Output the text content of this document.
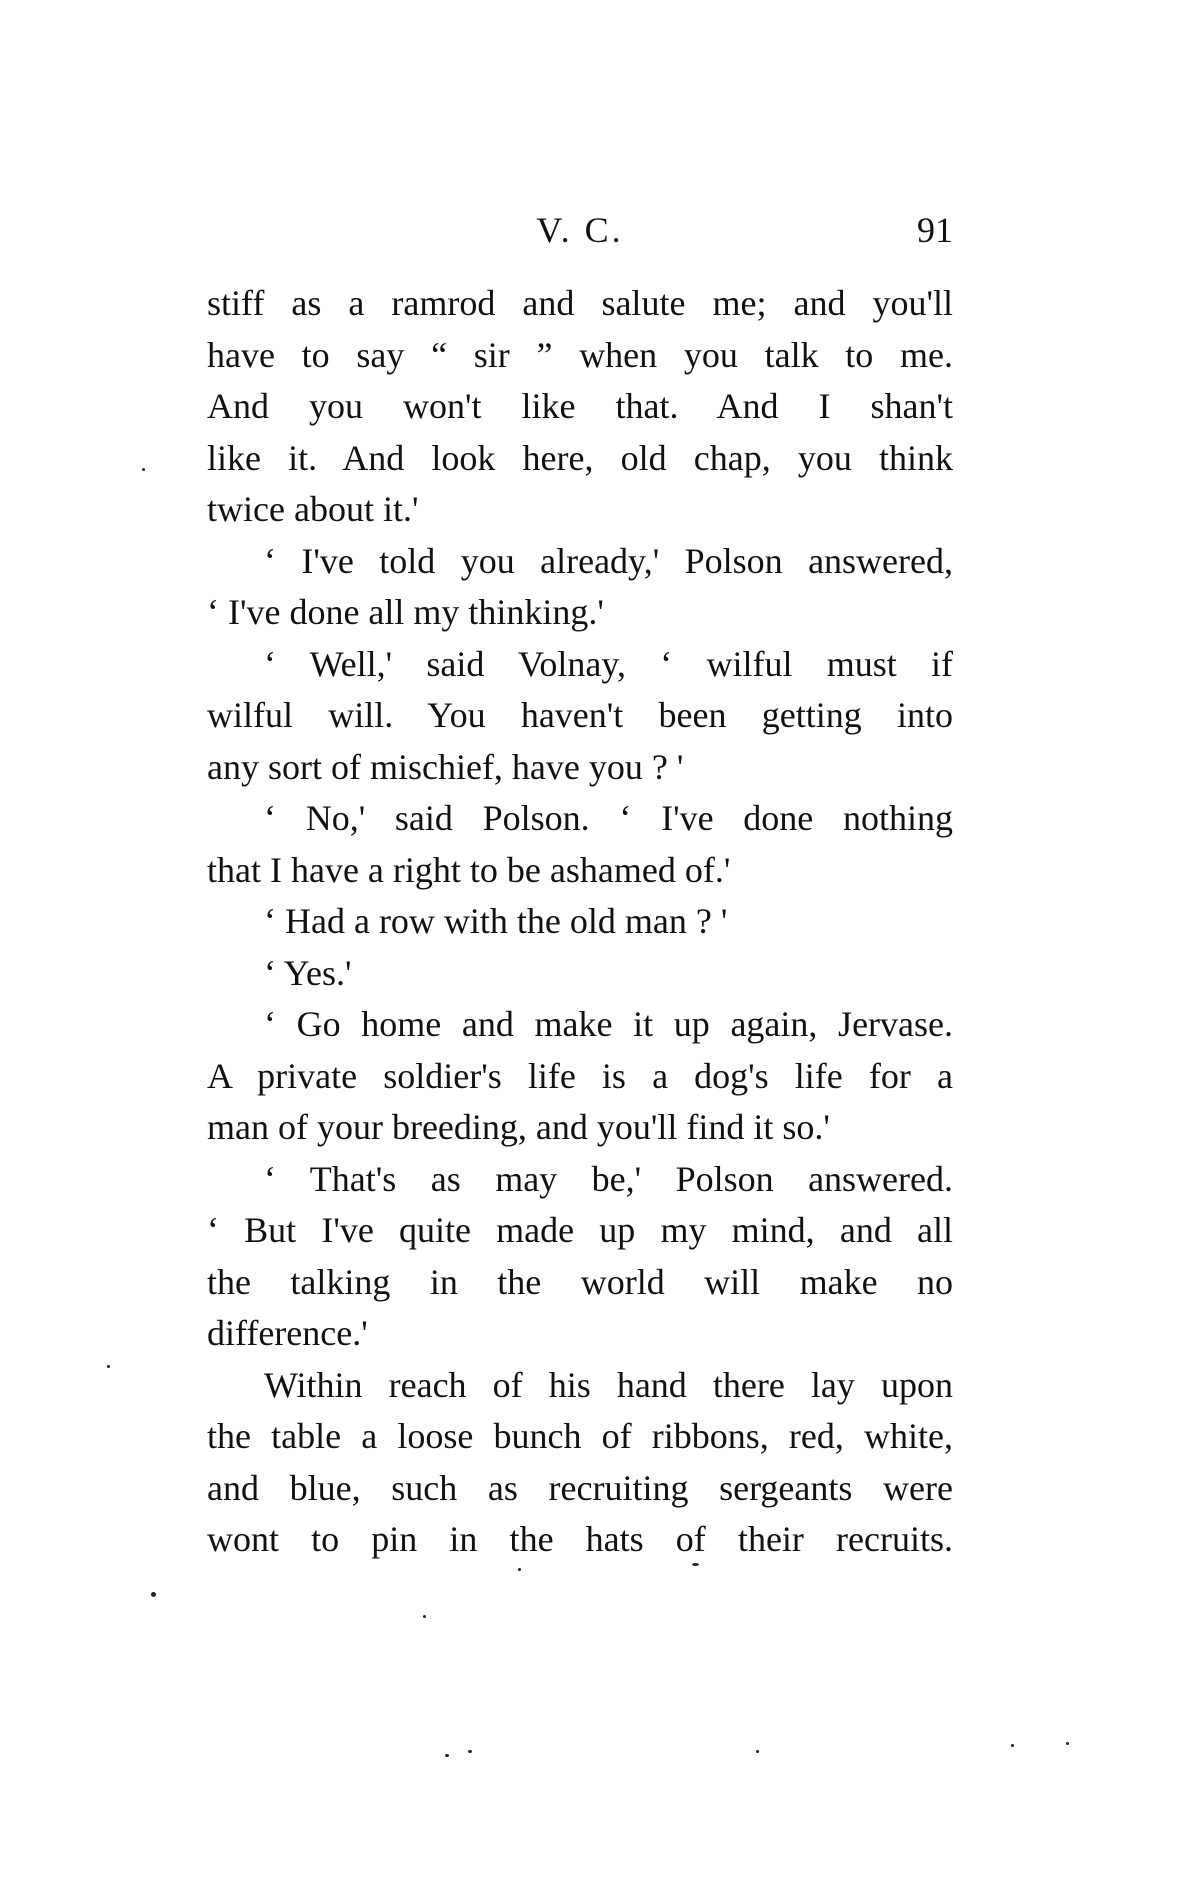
V. C.	91
stiff as a ramrod and salute me; and you'll
have to say “ sir ” when you talk to me.
And you won't like that. And I shan't
like it. And look here, old chap, you think
twice about it.'
‘ I've told you already,' Polson answered,
‘ I've done all my thinking.'
‘ Well,' said Volnay, ‘ wilful must if
wilful will. You haven't been getting into
any sort of mischief, have you ? '
‘ No,' said Polson. ‘ I've done nothing
that I have a right to be ashamed of.'
‘ Had a row with the old man ? '
‘ Yes.'
‘ Go home and make it up again, Jervase.
A private soldier's life is a dog's life for a
man of your breeding, and you'll find it so.'
‘ That's as may be,' Polson answered.
‘ But I've quite made up my mind, and all
the talking in the world will make no
difference.'
Within reach of his hand there lay upon
the table a loose bunch of ribbons, red, white,
and blue, such as recruiting sergeants were
wont to pin in the hats of their recruits.
